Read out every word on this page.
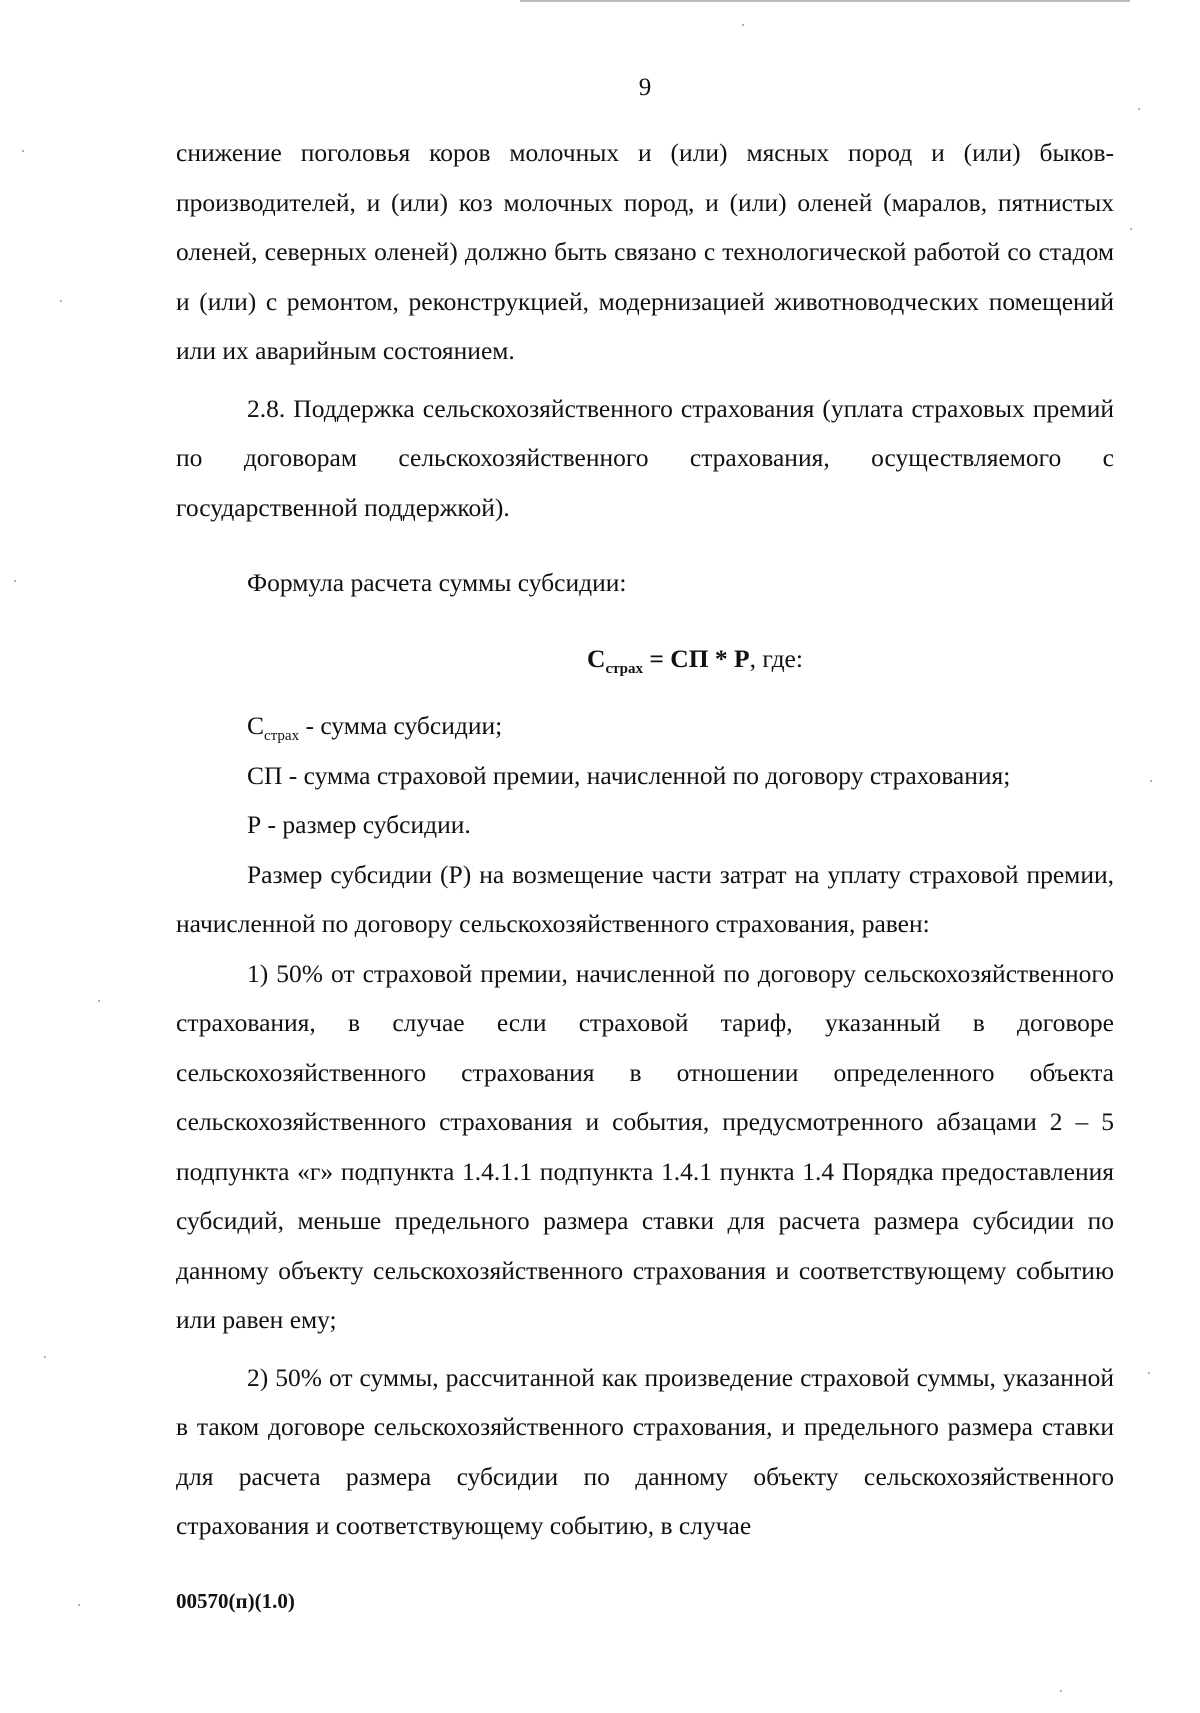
9

снижение поголовья коров молочных и (или) мясных пород и (или) быков-производителей, и (или) коз молочных пород, и (или) оленей (маралов, пятнистых оленей, северных оленей) должно быть связано с технологической работой со стадом и (или) с ремонтом, реконструкцией, модернизацией животноводческих помещений или их аварийным состоянием.

2.8. Поддержка сельскохозяйственного страхования (уплата страховых премий по договорам сельскохозяйственного страхования, осуществляемого с государственной поддержкой).

Формула расчета суммы субсидии:

$С_{страх}$ = СП * Р, где:

$С_{страх}$ - сумма субсидии;

СП - сумма страховой премии, начисленной по договору страхования;

Р - размер субсидии.

Размер субсидии (Р) на возмещение части затрат на уплату страховой премии, начисленной по договору сельскохозяйственного страхования, равен:

1) 50% от страховой премии, начисленной по договору сельскохозяйственного страхования, в случае если страховой тариф, указанный в договоре сельскохозяйственного страхования в отношении определенного объекта сельскохозяйственного страхования и события, предусмотренного абзацами 2 – 5 подпункта «г» подпункта 1.4.1.1 подпункта 1.4.1 пункта 1.4 Порядка предоставления субсидий, меньше предельного размера ставки для расчета размера субсидии по данному объекту сельскохозяйственного страхования и соответствующему событию или равен ему;

2) 50% от суммы, рассчитанной как произведение страховой суммы, указанной в таком договоре сельскохозяйственного страхования, и предельного размера ставки для расчета размера субсидии по данному объекту сельскохозяйственного страхования и соответствующему событию, в случае

00570(п)(1.0)
